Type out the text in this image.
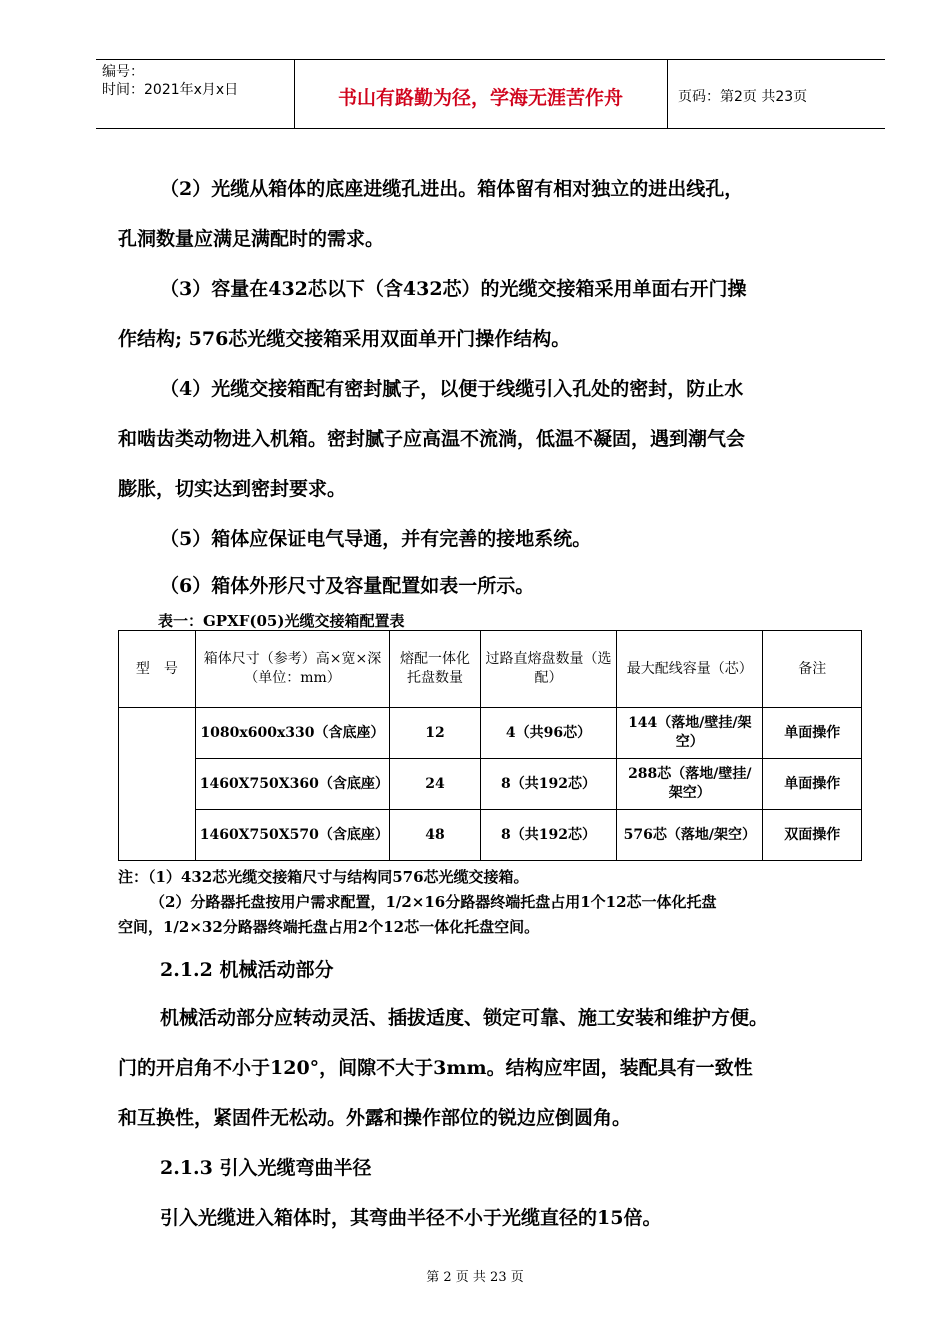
编号：
时间：2021年x月x日	书山有路勤为径，学海无涯苦作舟	页码：第2页 共23页
（2）光缆从箱体的底座进缆孔进出。箱体留有相对独立的进出线孔，
孔洞数量应满足满配时的需求。
（3）容量在432芯以下（含432芯）的光缆交接箱采用单面右开门操
作结构; 576芯光缆交接箱采用双面单开门操作结构。
（4）光缆交接箱配有密封腻子，以便于线缆引入孔处的密封，防止水
和啮齿类动物进入机箱。密封腻子应高温不流淌，低温不凝固，遇到潮气会
膨胀，切实达到密封要求。
（5）箱体应保证电气导通，并有完善的接地系统。
（6）箱体外形尺寸及容量配置如表一所示。
表一：GPXF(05)光缆交接箱配置表
型　号	箱体尺寸（参考）高×宽×深（单位：mm）	熔配一体化托盘数量	过路直熔盘数量（选配）	最大配线容量（芯）	备注
	1080x600x330（含底座）	12	4（共96芯）	144（落地/壁挂/架空）	单面操作
	1460X750X360（含底座）	24	8（共192芯）	288芯（落地/壁挂/架空）	单面操作
	1460X750X570（含底座）	48	8（共192芯）	576芯（落地/架空）	双面操作
注：（1）432芯光缆交接箱尺寸与结构同576芯光缆交接箱。
（2）分路器托盘按用户需求配置，1/2×16分路器终端托盘占用1个12芯一体化托盘
空间，1/2×32分路器终端托盘占用2个12芯一体化托盘空间。
2.1.2 机械活动部分
机械活动部分应转动灵活、插拔适度、锁定可靠、施工安装和维护方便。
门的开启角不小于120°，间隙不大于3mm。结构应牢固，装配具有一致性
和互换性，紧固件无松动。外露和操作部位的锐边应倒圆角。
2.1.3 引入光缆弯曲半径
引入光缆进入箱体时，其弯曲半径不小于光缆直径的15倍。
第 2 页 共 23 页
